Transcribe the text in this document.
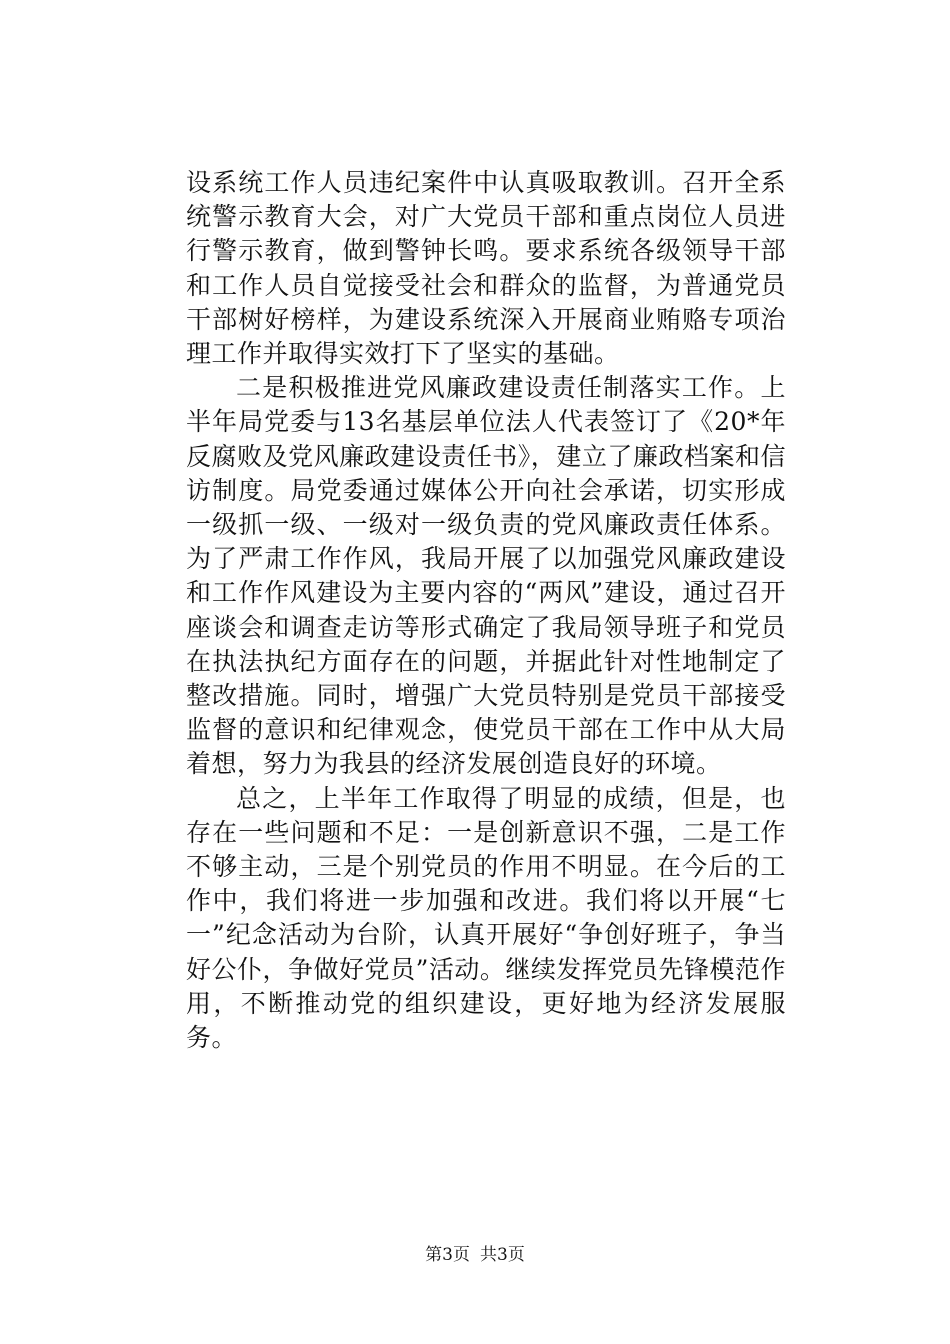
设系统工作人员违纪案件中认真吸取教训。召开全系统警示教育大会，对广大党员干部和重点岗位人员进行警示教育，做到警钟长鸣。要求系统各级领导干部和工作人员自觉接受社会和群众的监督，为普通党员干部树好榜样，为建设系统深入开展商业贿赂专项治理工作并取得实效打下了坚实的基础。

二是积极推进党风廉政建设责任制落实工作。上半年局党委与13名基层单位法人代表签订了《20*年反腐败及党风廉政建设责任书》，建立了廉政档案和信访制度。局党委通过媒体公开向社会承诺，切实形成一级抓一级、一级对一级负责的党风廉政责任体系。为了严肃工作作风，我局开展了以加强党风廉政建设和工作作风建设为主要内容的“两风”建设，通过召开座谈会和调查走访等形式确定了我局领导班子和党员在执法执纪方面存在的问题，并据此针对性地制定了整改措施。同时，增强广大党员特别是党员干部接受监督的意识和纪律观念，使党员干部在工作中从大局着想，努力为我县的经济发展创造良好的环境。

总之，上半年工作取得了明显的成绩，但是，也存在一些问题和不足：一是创新意识不强，二是工作不够主动，三是个别党员的作用不明显。在今后的工作中，我们将进一步加强和改进。我们将以开展“七一”纪念活动为台阶，认真开展好“争创好班子，争当好公仆，争做好党员”活动。继续发挥党员先锋模范作用，不断推动党的组织建设，更好地为经济发展服务。

第3页 共3页
